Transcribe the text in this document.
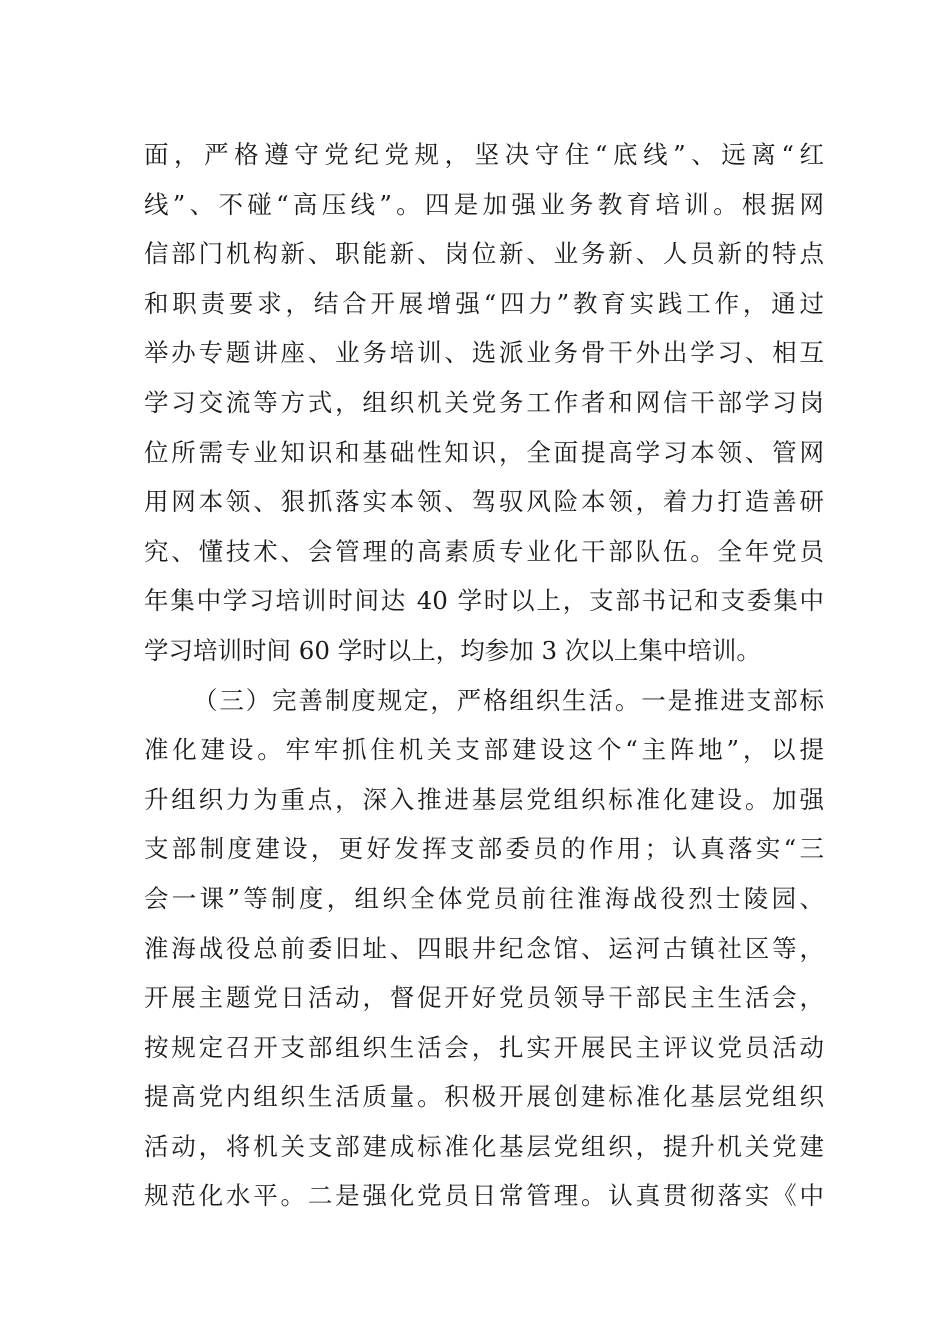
面，严格遵守党纪党规，坚决守住“底线”、远离“红
线”、不碰“高压线”。四是加强业务教育培训。根据网
信部门机构新、职能新、岗位新、业务新、人员新的特点
和职责要求，结合开展增强“四力”教育实践工作，通过
举办专题讲座、业务培训、选派业务骨干外出学习、相互
学习交流等方式，组织机关党务工作者和网信干部学习岗
位所需专业知识和基础性知识，全面提高学习本领、管网
用网本领、狠抓落实本领、驾驭风险本领，着力打造善研
究、懂技术、会管理的高素质专业化干部队伍。全年党员
年集中学习培训时间达 40 学时以上，支部书记和支委集中
学习培训时间 60 学时以上，均参加 3 次以上集中培训。
（三）完善制度规定，严格组织生活。一是推进支部标
准化建设。牢牢抓住机关支部建设这个“主阵地”，以提
升组织力为重点，深入推进基层党组织标准化建设。加强
支部制度建设，更好发挥支部委员的作用；认真落实“三
会一课”等制度，组织全体党员前往淮海战役烈士陵园、
淮海战役总前委旧址、四眼井纪念馆、运河古镇社区等，
开展主题党日活动，督促开好党员领导干部民主生活会，
按规定召开支部组织生活会，扎实开展民主评议党员活动
提高党内组织生活质量。积极开展创建标准化基层党组织
活动，将机关支部建成标准化基层党组织，提升机关党建
规范化水平。二是强化党员日常管理。认真贯彻落实《中
